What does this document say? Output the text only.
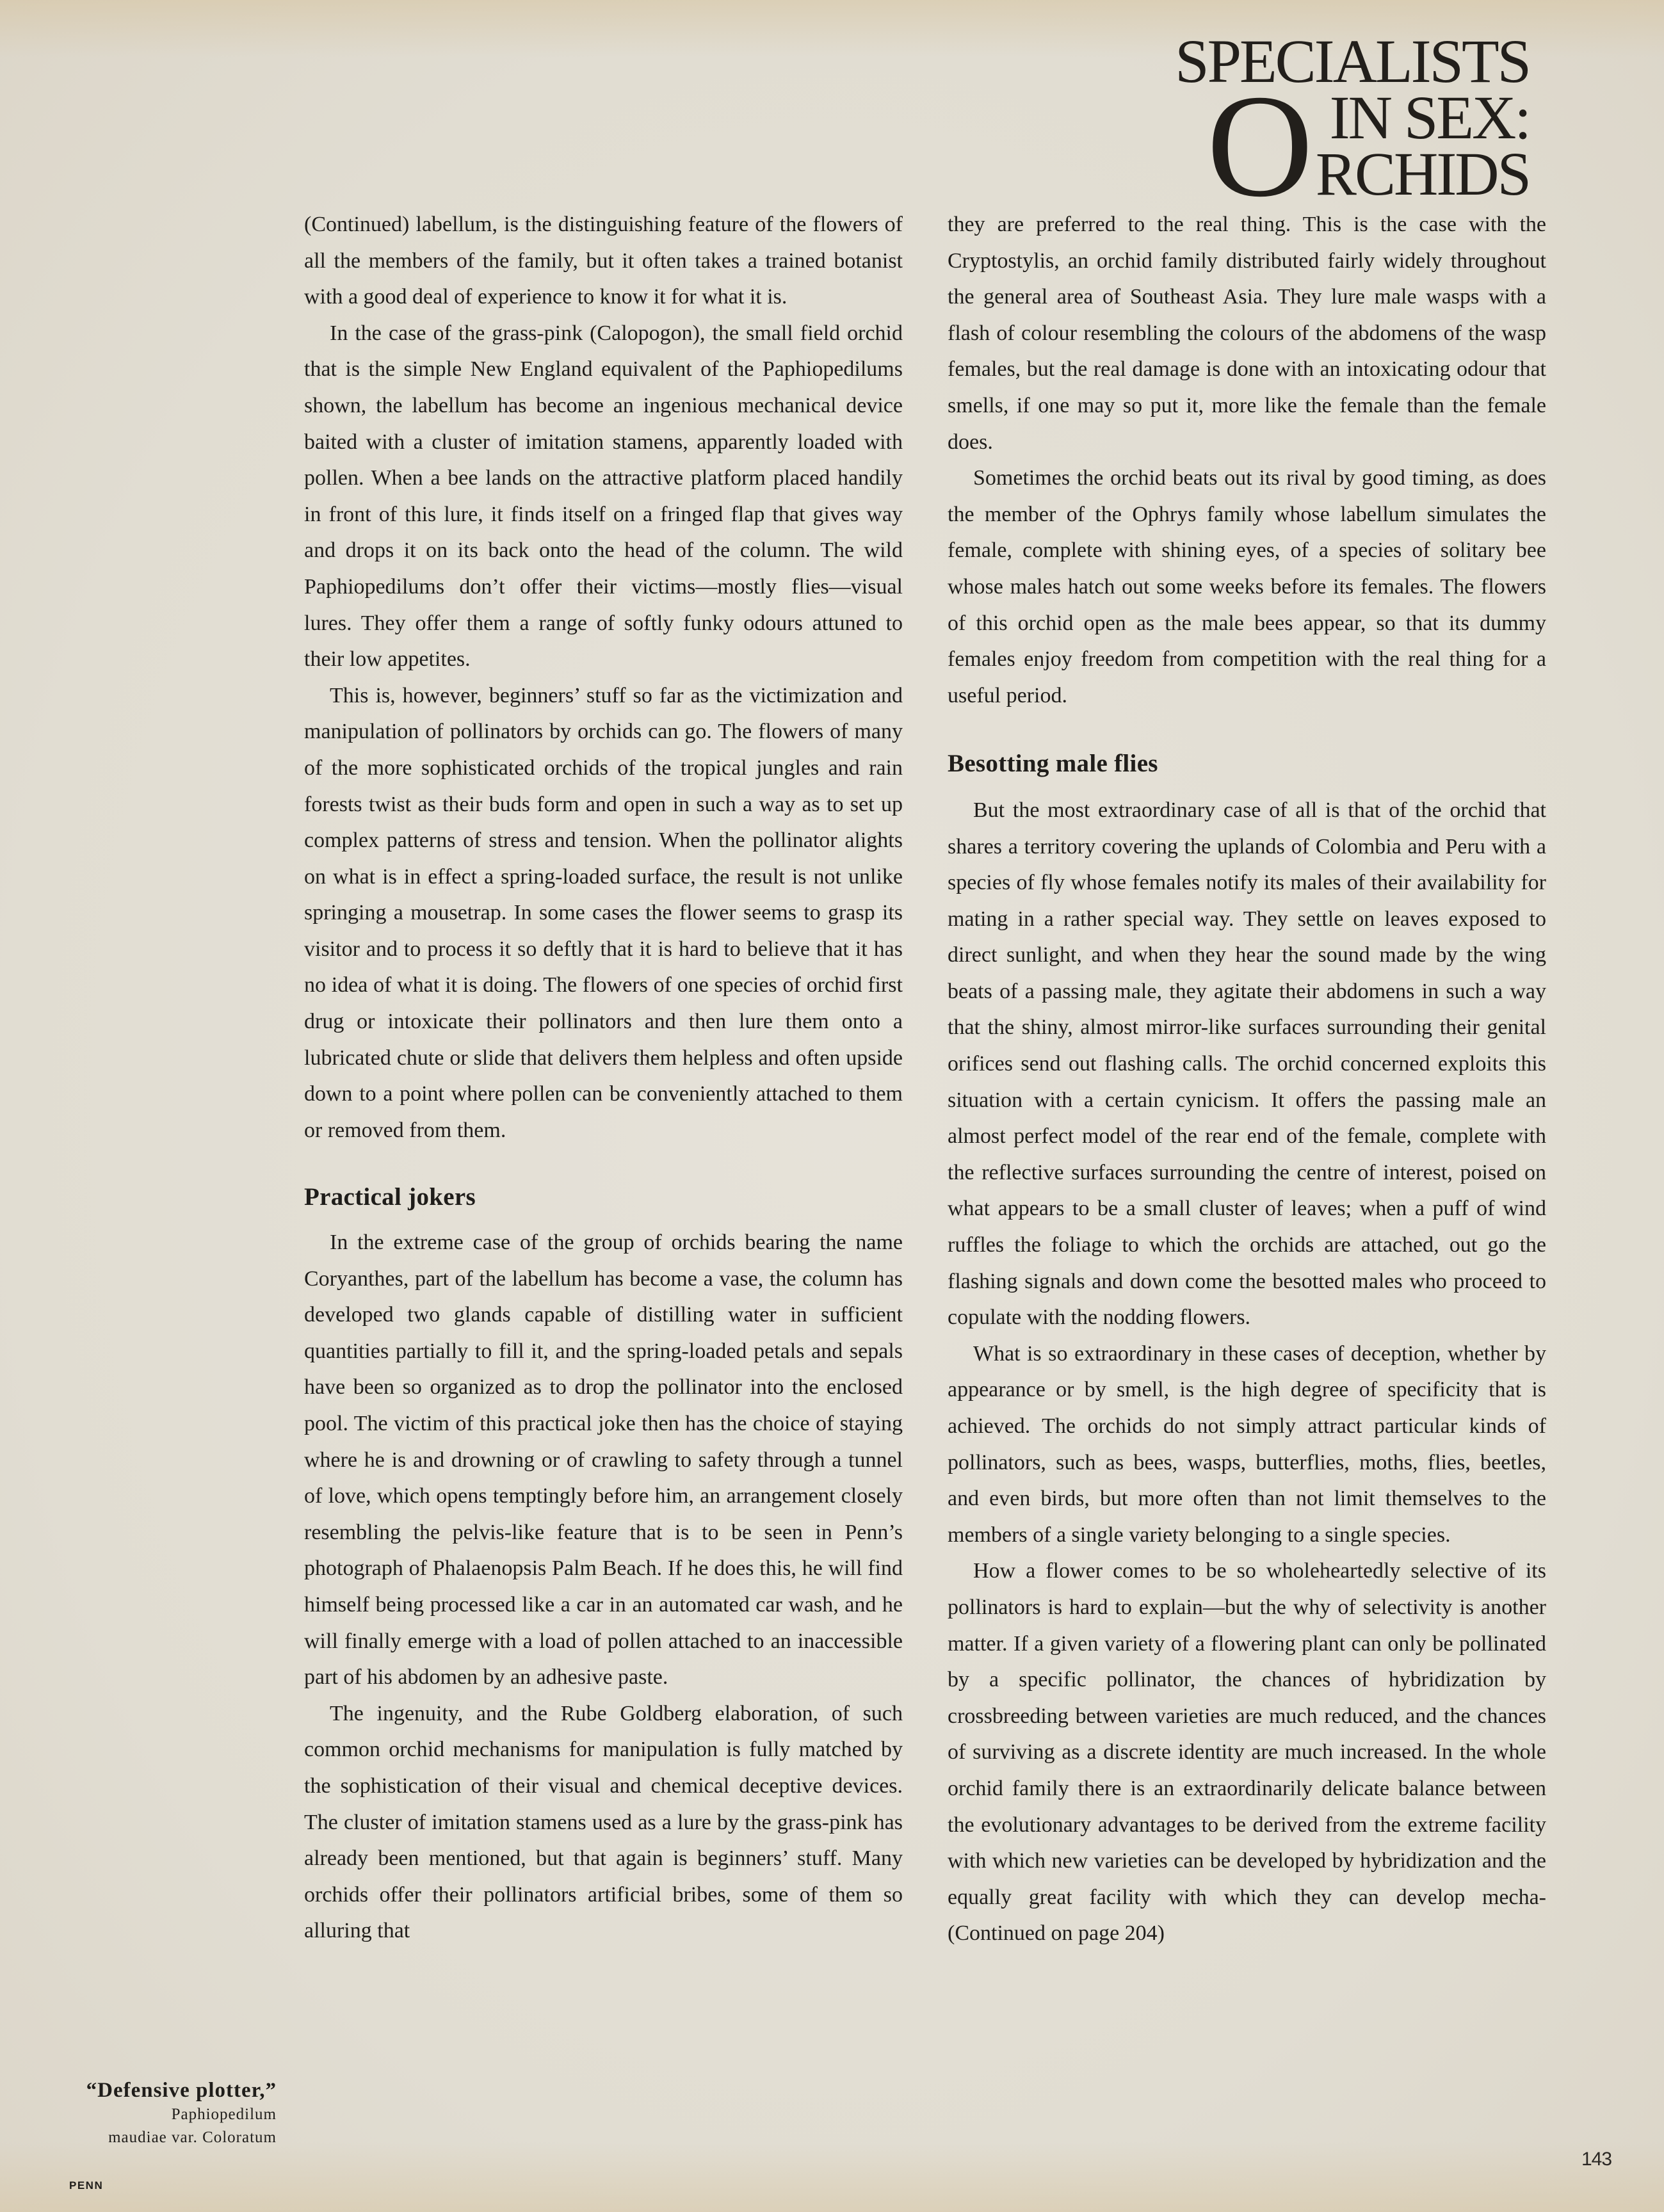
SPECIALISTS
O IN SEX:
RCHIDS

(Continued) labellum, is the distinguishing feature of the flowers of all the members of the family, but it often takes a trained botanist with a good deal of experience to know it for what it is.

In the case of the grass-pink (Calopogon), the small field orchid that is the simple New England equivalent of the Paphiopedilums shown, the labellum has become an ingenious mechanical device baited with a cluster of imitation stamens, apparently loaded with pollen. When a bee lands on the attractive platform placed handily in front of this lure, it finds itself on a fringed flap that gives way and drops it on its back onto the head of the column. The wild Paphiopedilums don’t offer their victims—mostly flies—visual lures. They offer them a range of softly funky odours attuned to their low appetites.

This is, however, beginners’ stuff so far as the victimization and manipulation of pollinators by orchids can go. The flowers of many of the more sophisticated orchids of the tropical jungles and rain forests twist as their buds form and open in such a way as to set up complex patterns of stress and tension. When the pollinator alights on what is in effect a spring-loaded surface, the result is not unlike springing a mousetrap. In some cases the flower seems to grasp its visitor and to process it so deftly that it is hard to believe that it has no idea of what it is doing. The flowers of one species of orchid first drug or intoxicate their pollinators and then lure them onto a lubricated chute or slide that delivers them helpless and often upside down to a point where pollen can be conveniently attached to them or removed from them.

Practical jokers

In the extreme case of the group of orchids bearing the name Coryanthes, part of the labellum has become a vase, the column has developed two glands capable of distilling water in sufficient quantities partially to fill it, and the spring-loaded petals and sepals have been so organized as to drop the pollinator into the enclosed pool. The victim of this practical joke then has the choice of staying where he is and drowning or of crawling to safety through a tunnel of love, which opens temptingly before him, an arrangement closely resembling the pelvis-like feature that is to be seen in Penn’s photograph of Phalaenopsis Palm Beach. If he does this, he will find himself being processed like a car in an automated car wash, and he will finally emerge with a load of pollen attached to an inaccessible part of his abdomen by an adhesive paste.

The ingenuity, and the Rube Goldberg elaboration, of such common orchid mechanisms for manipulation is fully matched by the sophistication of their visual and chemical deceptive devices. The cluster of imitation stamens used as a lure by the grass-pink has already been mentioned, but that again is beginners’ stuff. Many orchids offer their pollinators artificial bribes, some of them so alluring that

they are preferred to the real thing. This is the case with the Cryptostylis, an orchid family distributed fairly widely throughout the general area of Southeast Asia. They lure male wasps with a flash of colour resembling the colours of the abdomens of the wasp females, but the real damage is done with an intoxicating odour that smells, if one may so put it, more like the female than the female does.

Sometimes the orchid beats out its rival by good timing, as does the member of the Ophrys family whose labellum simulates the female, complete with shining eyes, of a species of solitary bee whose males hatch out some weeks before its females. The flowers of this orchid open as the male bees appear, so that its dummy females enjoy freedom from competition with the real thing for a useful period.

Besotting male flies

But the most extraordinary case of all is that of the orchid that shares a territory covering the uplands of Colombia and Peru with a species of fly whose females notify its males of their availability for mating in a rather special way. They settle on leaves exposed to direct sunlight, and when they hear the sound made by the wing beats of a passing male, they agitate their abdomens in such a way that the shiny, almost mirror-like surfaces surrounding their genital orifices send out flashing calls. The orchid concerned exploits this situation with a certain cynicism. It offers the passing male an almost perfect model of the rear end of the female, complete with the reflective surfaces surrounding the centre of interest, poised on what appears to be a small cluster of leaves; when a puff of wind ruffles the foliage to which the orchids are attached, out go the flashing signals and down come the besotted males who proceed to copulate with the nodding flowers.

What is so extraordinary in these cases of deception, whether by appearance or by smell, is the high degree of specificity that is achieved. The orchids do not simply attract particular kinds of pollinators, such as bees, wasps, butterflies, moths, flies, beetles, and even birds, but more often than not limit themselves to the members of a single variety belonging to a single species.

How a flower comes to be so wholeheartedly selective of its pollinators is hard to explain—but the why of selectivity is another matter. If a given variety of a flowering plant can only be pollinated by a specific pollinator, the chances of hybridization by crossbreeding between varieties are much reduced, and the chances of surviving as a discrete identity are much increased. In the whole orchid family there is an extraordinarily delicate balance between the evolutionary advantages to be derived from the extreme facility with which new varieties can be developed by hybridization and the equally great facility with which they can develop mecha- (Continued on page 204)

“Defensive plotter,”
Paphiopedilum
maudiae var. Coloratum
PENN
143
